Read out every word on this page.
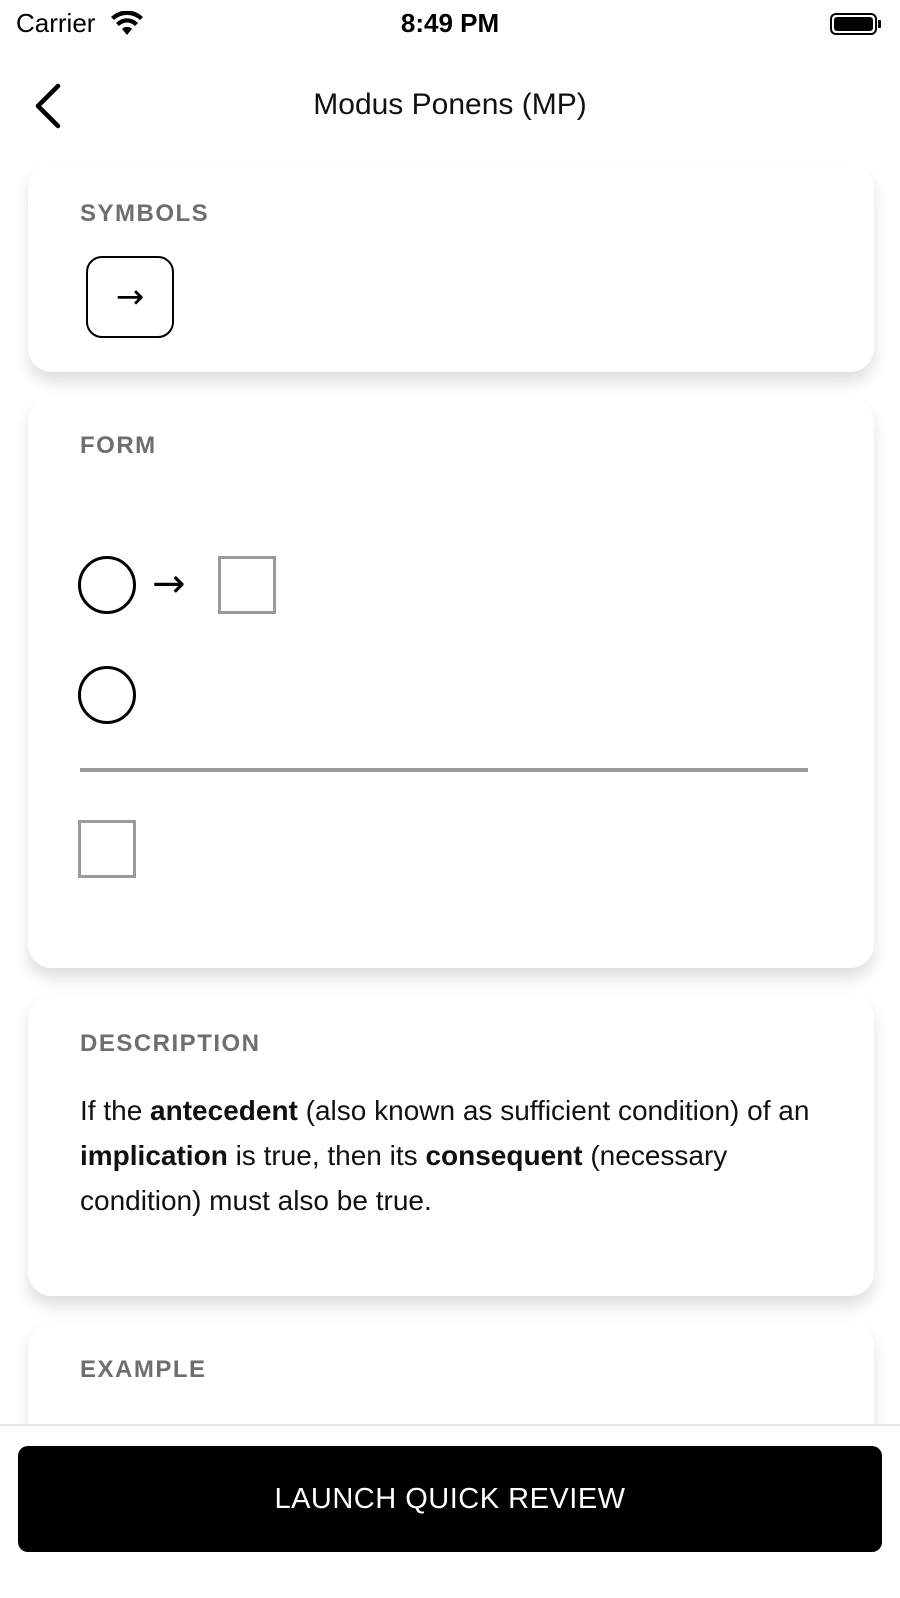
Carrier	8:49 PM
Modus Ponens (MP)
SYMBOLS
→
FORM
→
DESCRIPTION

If the antecedent (also known as sufficient condition) of an implication is true, then its consequent (necessary condition) must also be true.

EXAMPLE
LAUNCH QUICK REVIEW
